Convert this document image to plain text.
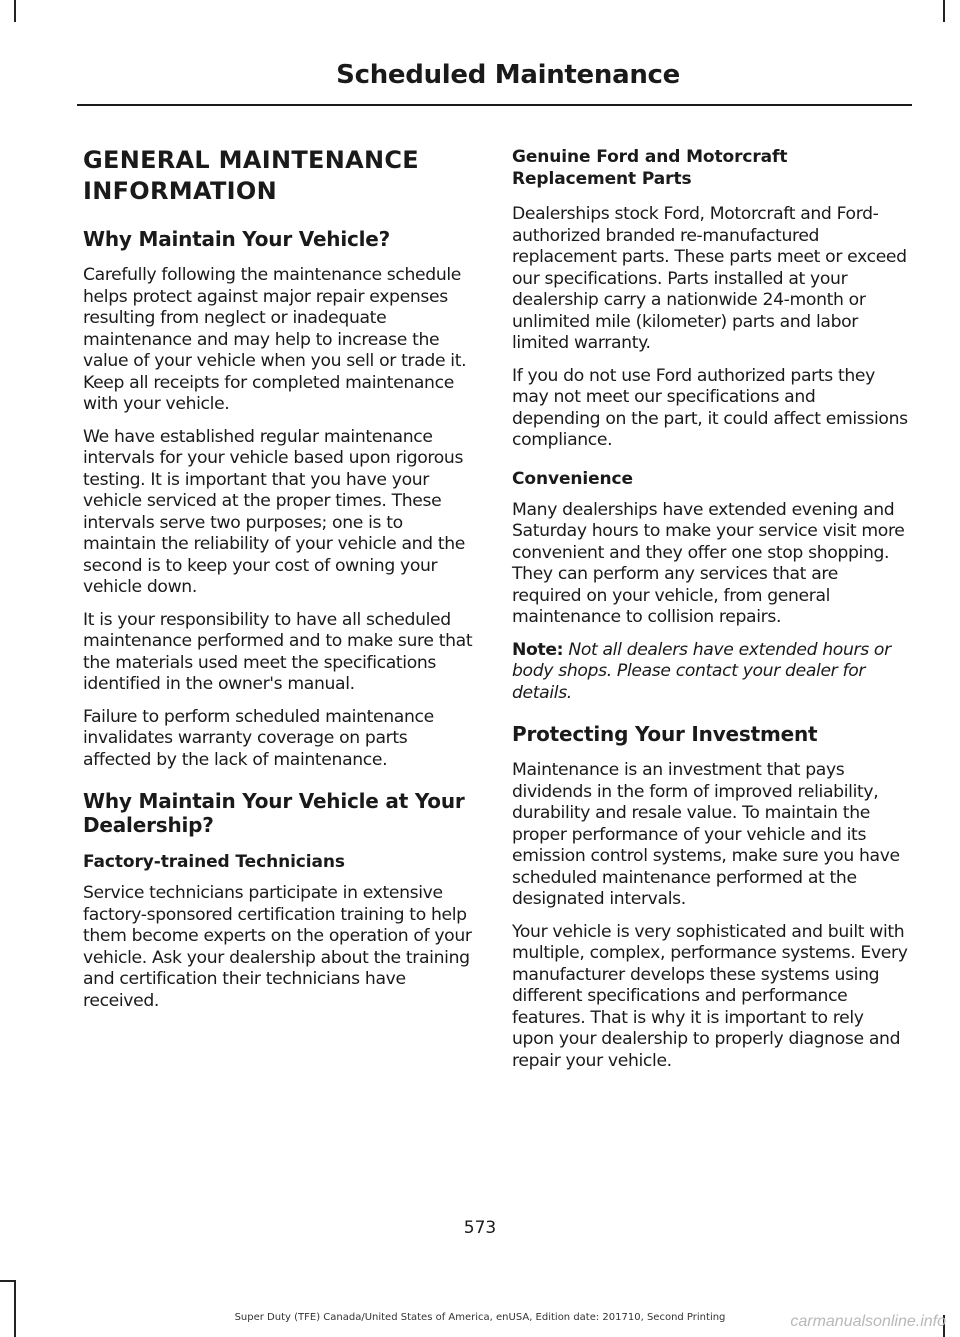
Scheduled Maintenance
GENERAL MAINTENANCE
INFORMATION
Why Maintain Your Vehicle?

Carefully following the maintenance schedule helps protect against major repair expenses resulting from neglect or inadequate maintenance and may help to increase the value of your vehicle when you sell or trade it. Keep all receipts for completed maintenance with your vehicle.

We have established regular maintenance intervals for your vehicle based upon rigorous testing. It is important that you have your vehicle serviced at the proper times. These intervals serve two purposes; one is to maintain the reliability of your vehicle and the second is to keep your cost of owning your vehicle down.

It is your responsibility to have all scheduled maintenance performed and to make sure that the materials used meet the specifications identified in the owner's manual.

Failure to perform scheduled maintenance invalidates warranty coverage on parts affected by the lack of maintenance.

Why Maintain Your Vehicle at Your Dealership?
Factory-trained Technicians

Service technicians participate in extensive factory-sponsored certification training to help them become experts on the operation of your vehicle. Ask your dealership about the training and certification their technicians have received.

Genuine Ford and Motorcraft Replacement Parts

Dealerships stock Ford, Motorcraft and Ford-authorized branded re-manufactured replacement parts. These parts meet or exceed our specifications. Parts installed at your dealership carry a nationwide 24-month or unlimited mile (kilometer) parts and labor limited warranty.

If you do not use Ford authorized parts they may not meet our specifications and depending on the part, it could affect emissions compliance.

Convenience

Many dealerships have extended evening and Saturday hours to make your service visit more convenient and they offer one stop shopping. They can perform any services that are required on your vehicle, from general maintenance to collision repairs.

Note: Not all dealers have extended hours or body shops. Please contact your dealer for details.

Protecting Your Investment

Maintenance is an investment that pays dividends in the form of improved reliability, durability and resale value. To maintain the proper performance of your vehicle and its emission control systems, make sure you have scheduled maintenance performed at the designated intervals.

Your vehicle is very sophisticated and built with multiple, complex, performance systems. Every manufacturer develops these systems using different specifications and performance features. That is why it is important to rely upon your dealership to properly diagnose and repair your vehicle.

573
Super Duty (TFE) Canada/United States of America, enUSA, Edition date: 201710, Second Printing	carmanualsonline.info
